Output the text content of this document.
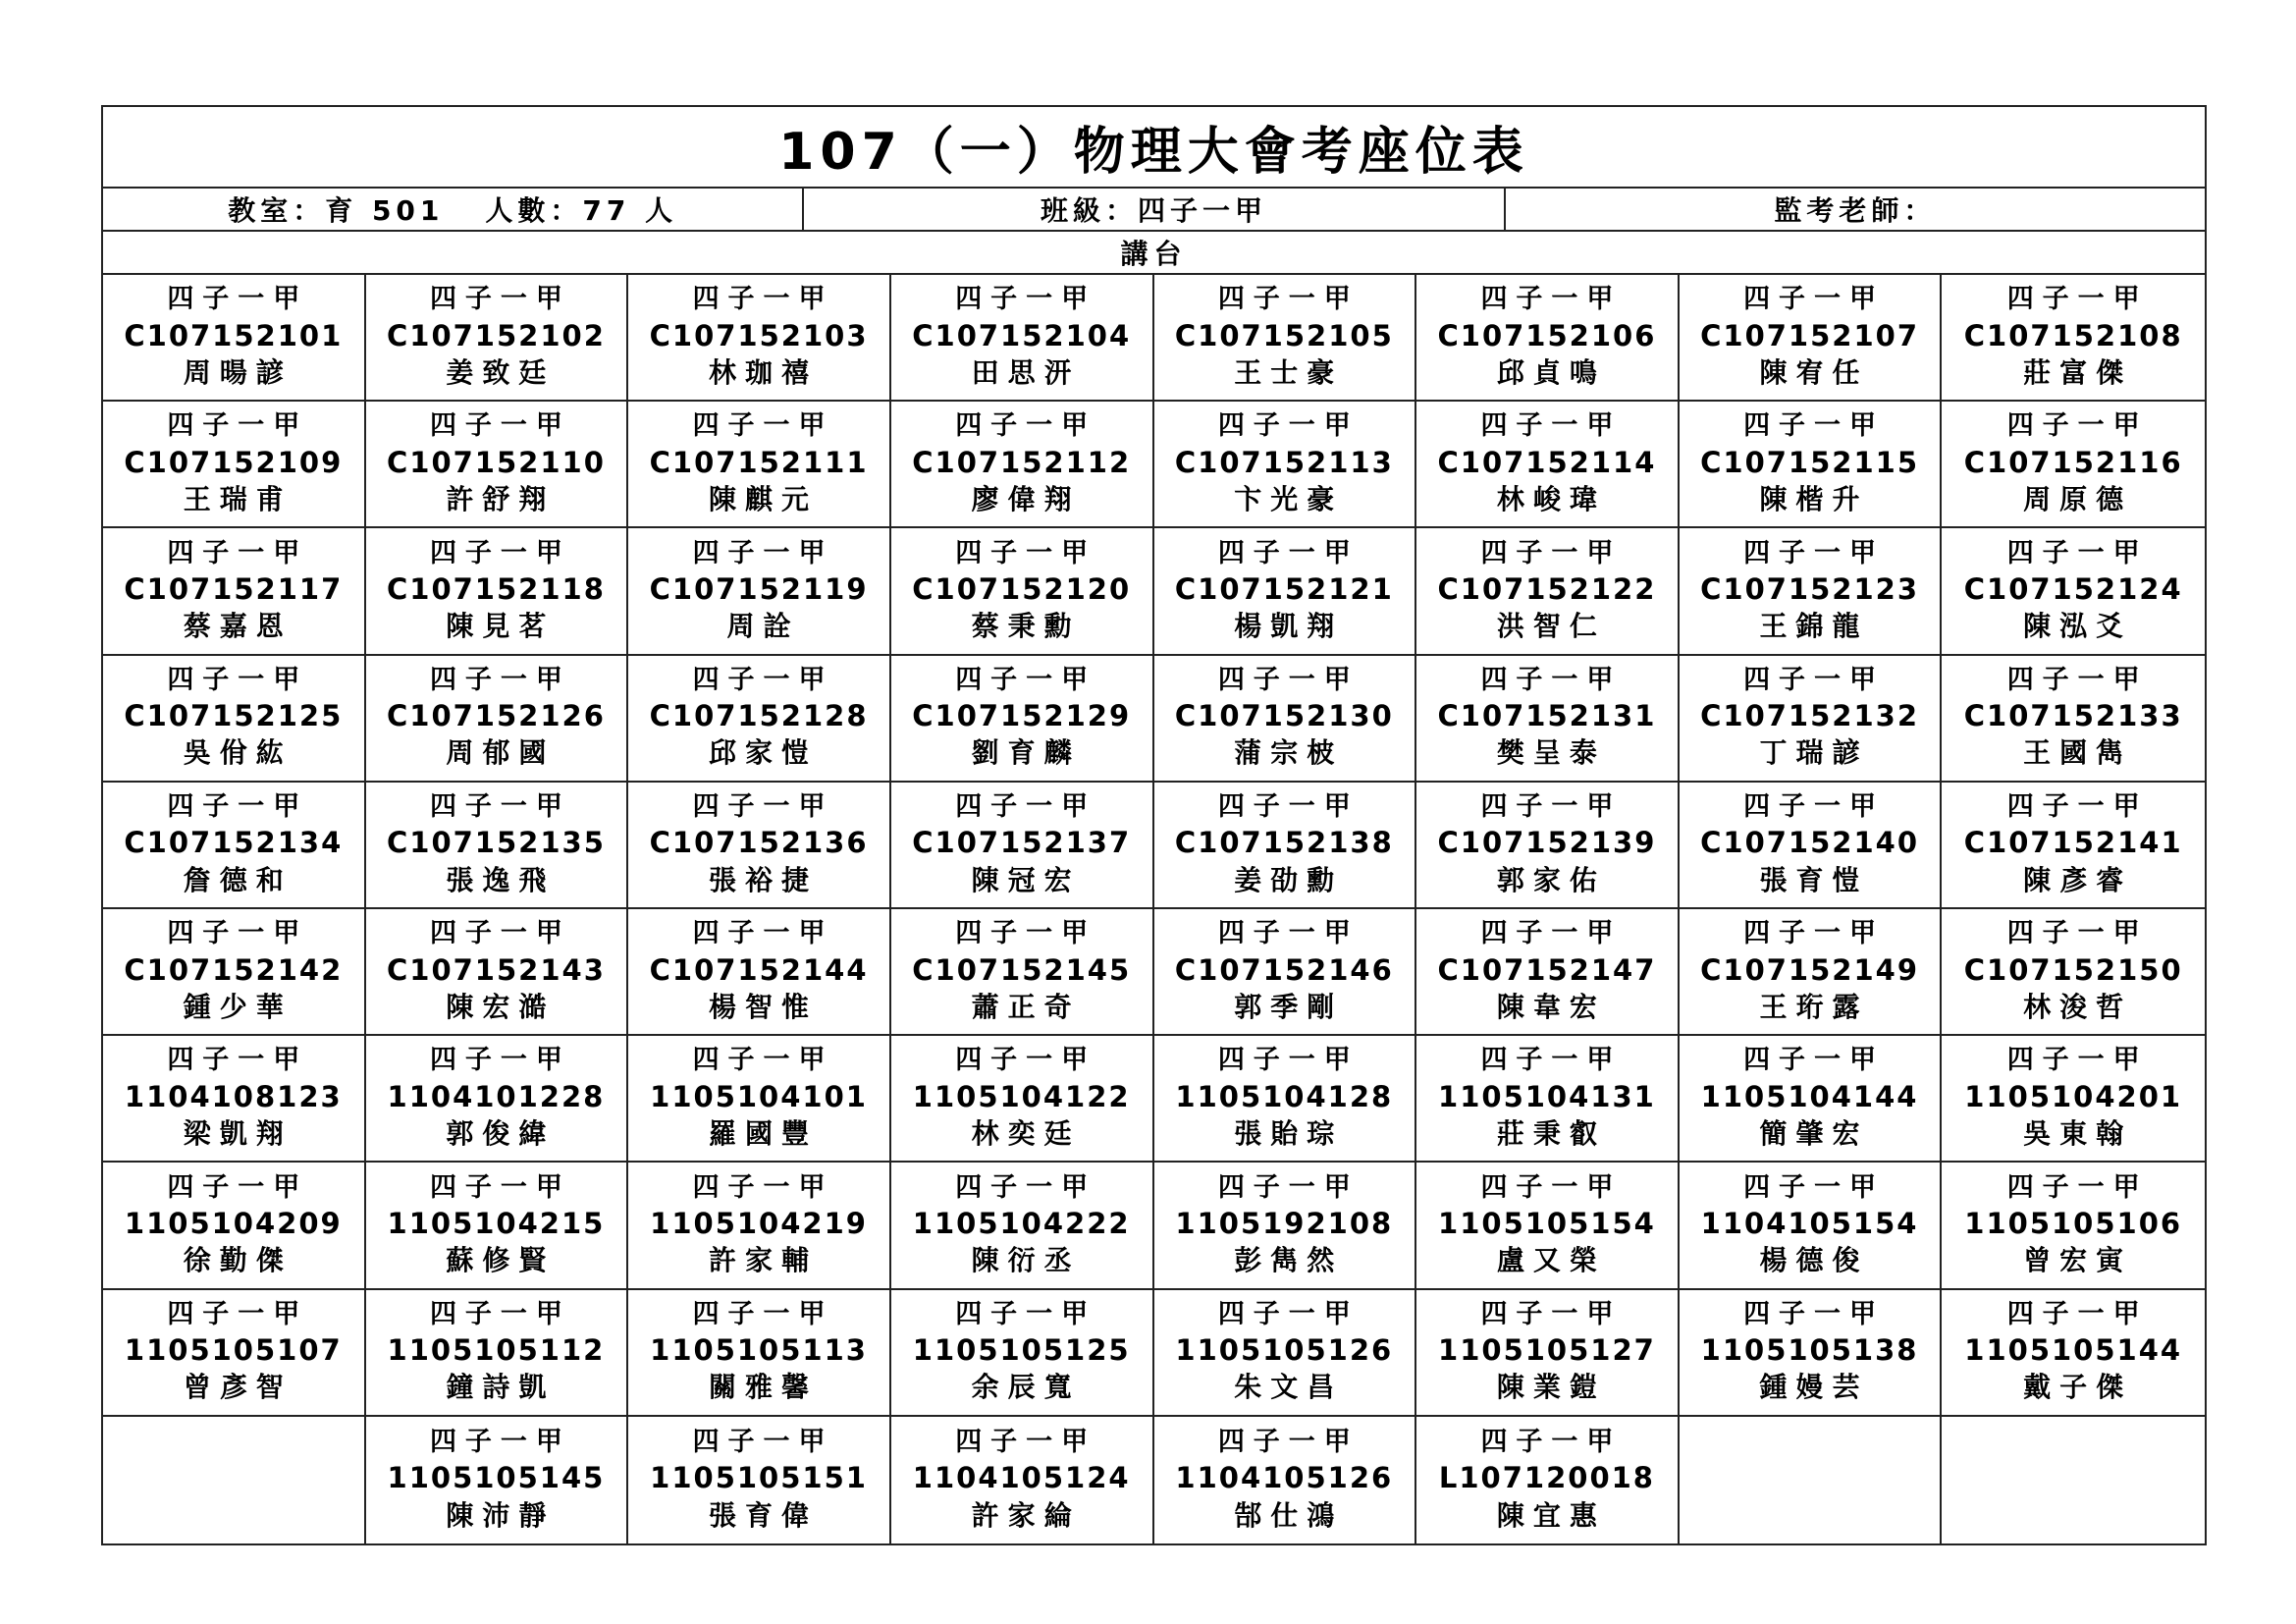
107（一）物理大會考座位表
教室：育 501 人數：77 人	班級：四子一甲	監考老師：
講台
四子一甲
C107152101
周暘諺
四子一甲
C107152102
姜致廷
四子一甲
C107152103
林珈禧
四子一甲
C107152104
田思汧
四子一甲
C107152105
王士豪
四子一甲
C107152106
邱貞鳴
四子一甲
C107152107
陳宥任
四子一甲
C107152108
莊富傑
四子一甲
C107152109
王瑞甫
四子一甲
C107152110
許舒翔
四子一甲
C107152111
陳麒元
四子一甲
C107152112
廖偉翔
四子一甲
C107152113
卞光豪
四子一甲
C107152114
林峻瑋
四子一甲
C107152115
陳楷升
四子一甲
C107152116
周原德
四子一甲
C107152117
蔡嘉恩
四子一甲
C107152118
陳見茗
四子一甲
C107152119
周詮
四子一甲
C107152120
蔡秉勳
四子一甲
C107152121
楊凱翔
四子一甲
C107152122
洪智仁
四子一甲
C107152123
王錦龍
四子一甲
C107152124
陳泓爻
四子一甲
C107152125
吳佾紘
四子一甲
C107152126
周郁國
四子一甲
C107152128
邱家愷
四子一甲
C107152129
劉育麟
四子一甲
C107152130
蒲宗柀
四子一甲
C107152131
樊呈泰
四子一甲
C107152132
丁瑞諺
四子一甲
C107152133
王國雋
四子一甲
C107152134
詹德和
四子一甲
C107152135
張逸飛
四子一甲
C107152136
張裕捷
四子一甲
C107152137
陳冠宏
四子一甲
C107152138
姜劭勳
四子一甲
C107152139
郭家佑
四子一甲
C107152140
張育愷
四子一甲
C107152141
陳彥睿
四子一甲
C107152142
鍾少華
四子一甲
C107152143
陳宏澔
四子一甲
C107152144
楊智惟
四子一甲
C107152145
蕭正奇
四子一甲
C107152146
郭季剛
四子一甲
C107152147
陳韋宏
四子一甲
C107152149
王珩露
四子一甲
C107152150
林浚哲
四子一甲
1104108123
梁凱翔
四子一甲
1104101228
郭俊緯
四子一甲
1105104101
羅國豐
四子一甲
1105104122
林奕廷
四子一甲
1105104128
張貽琮
四子一甲
1105104131
莊秉叡
四子一甲
1105104144
簡肇宏
四子一甲
1105104201
吳東翰
四子一甲
1105104209
徐勤傑
四子一甲
1105104215
蘇修賢
四子一甲
1105104219
許家輔
四子一甲
1105104222
陳衍丞
四子一甲
1105192108
彭雋然
四子一甲
1105105154
盧又榮
四子一甲
1104105154
楊德俊
四子一甲
1105105106
曾宏寅
四子一甲
1105105107
曾彥智
四子一甲
1105105112
鐘詩凱
四子一甲
1105105113
關雅馨
四子一甲
1105105125
余辰寬
四子一甲
1105105126
朱文昌
四子一甲
1105105127
陳業鎧
四子一甲
1105105138
鍾嫚芸
四子一甲
1105105144
戴子傑
四子一甲
1105105145
陳沛靜
四子一甲
1105105151
張育偉
四子一甲
1104105124
許家綸
四子一甲
1104105126
郜仕鴻
四子一甲
L107120018
陳宜惠
